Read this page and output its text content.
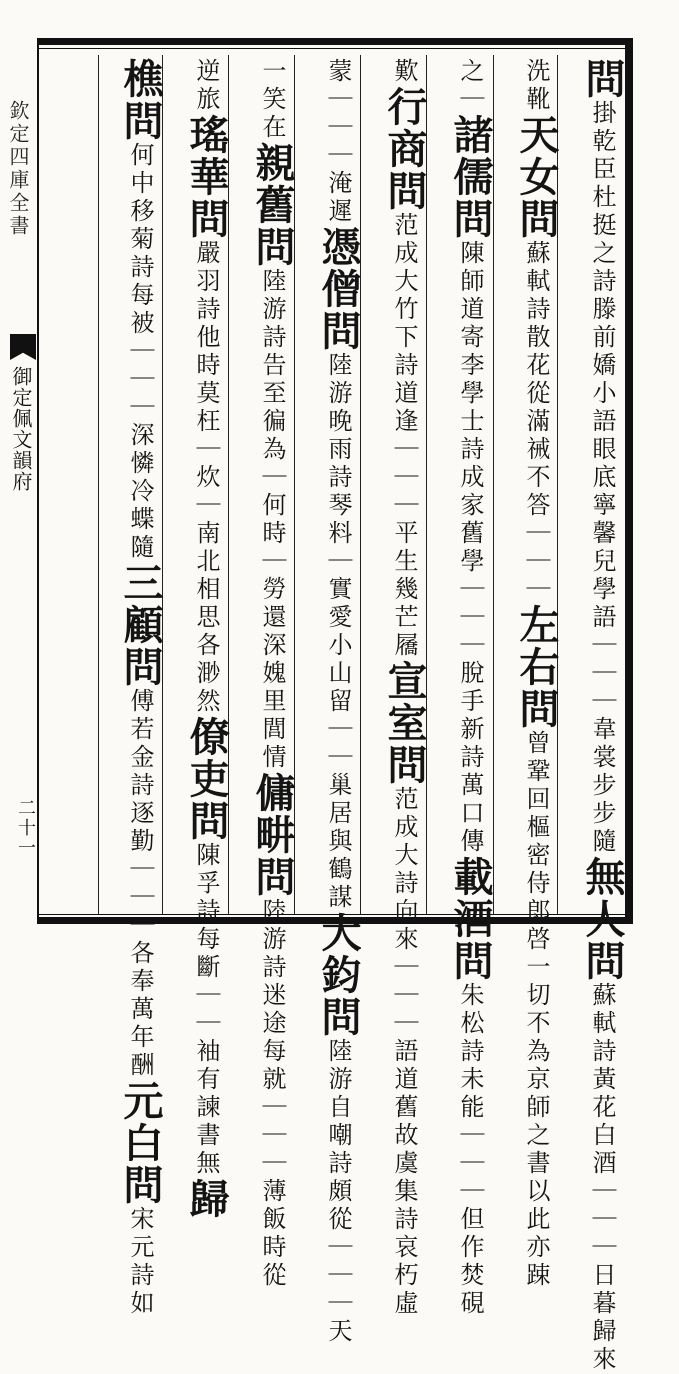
欽定四庫全書
御定佩文韻府
二十一
問掛乾臣杜挺之詩滕前嬌小語眼底寧馨兒學語｜｜｜韋裳步步隨無人問蘇軾詩黃花白酒｜｜｜日暮歸來
洗靴天女問蘇軾詩散花從滿祴不答｜｜｜左右問曾鞏回樞密侍郎啓一切不為京師之書以此亦踈
之｜諸儒問陳師道寄李學士詩成家舊學｜｜｜脫手新詩萬口傳載酒問朱松詩未能｜｜｜但作焚硯
歎行商問范成大竹下詩道逢｜｜｜平生幾芒屩宣室問范成大詩向來｜｜｜語道舊故虞集詩哀朽虛
蒙｜｜｜淹遲憑僧問陸游晚雨詩琴料｜實愛小山留｜｜巢居與鶴謀大鈞問陸游自嘲詩頗從｜｜｜天
一笑在親舊問陸游詩告至徧為｜何時｜勞還深媿里閭情傭畊問陸游詩迷途每就｜｜｜薄飯時從
逆旅瑤華問嚴羽詩他時莫枉｜炊｜南北相思各渺然僚吏問陳孚詩每斷｜｜袖有諫書無歸
樵問何中移菊詩每被｜｜｜深憐冷蝶隨三顧問傅若金詩逐勤｜｜｜各奉萬年酬元白問宋元詩如
